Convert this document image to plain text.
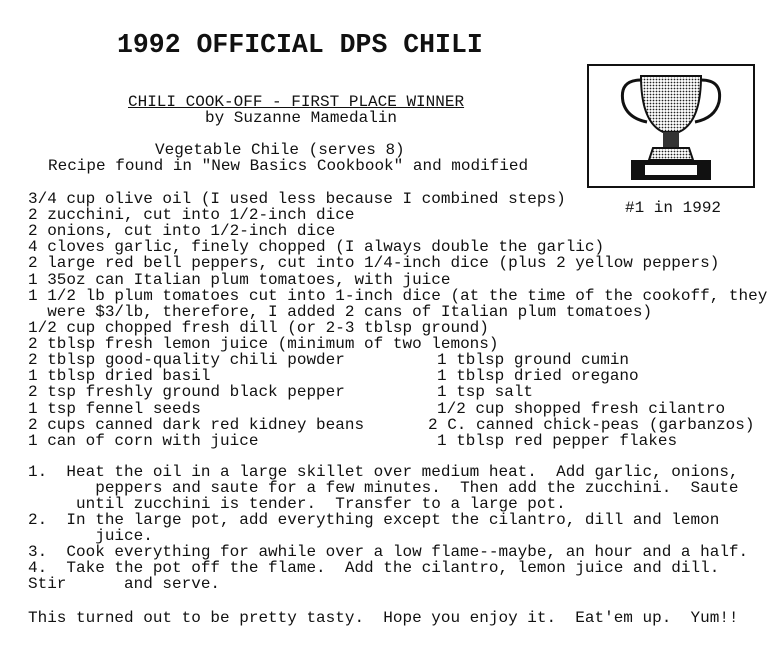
1992 OFFICIAL DPS CHILI
CHILI COOK-OFF - FIRST PLACE WINNER
by Suzanne Mamedalin
Vegetable Chile (serves 8)
Recipe found in "New Basics Cookbook" and modified
#1 in 1992
3/4 cup olive oil (I used less because I combined steps)
2 zucchini, cut into 1/2-inch dice
2 onions, cut into 1/2-inch dice
4 cloves garlic, finely chopped (I always double the garlic)
2 large red bell peppers, cut into 1/4-inch dice (plus 2 yellow peppers)
1 35oz can Italian plum tomatoes, with juice
1 1/2 lb plum tomatoes cut into 1-inch dice (at the time of the cookoff, they
were $3/lb, therefore, I added 2 cans of Italian plum tomatoes)
1/2 cup chopped fresh dill (or 2-3 tblsp ground)
2 tblsp fresh lemon juice (minimum of two lemons)
2 tblsp good-quality chili powder
1 tblsp dried basil
2 tsp freshly ground black pepper
1 tsp fennel seeds
2 cups canned dark red kidney beans
1 can of corn with juice
1 tblsp ground cumin
1 tblsp dried oregano
1 tsp salt
1/2 cup shopped fresh cilantro
2 C. canned chick-peas (garbanzos)
1 tblsp red pepper flakes
1.  Heat the oil in a large skillet over medium heat.  Add garlic, onions,
peppers and saute for a few minutes.  Then add the zucchini.  Saute
until zucchini is tender.  Transfer to a large pot.
2.  In the large pot, add everything except the cilantro, dill and lemon
juice.
3.  Cook everything for awhile over a low flame--maybe, an hour and a half.
4.  Take the pot off the flame.  Add the cilantro, lemon juice and dill.
Stir      and serve.
This turned out to be pretty tasty.  Hope you enjoy it.  Eat'em up.  Yum!!
